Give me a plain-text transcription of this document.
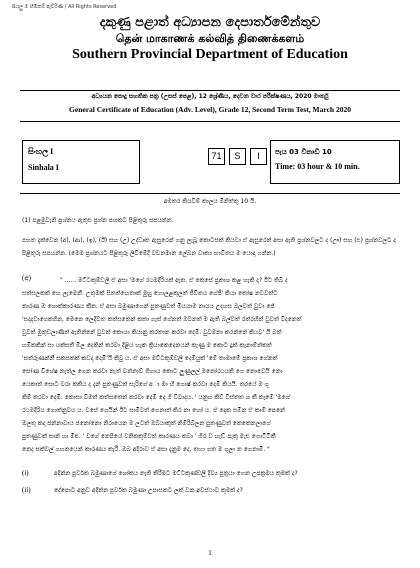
සියලු ම හිමිකම් ඇව්රිණි / All Rights Reserved
දකුණු පළාත් අධ්‍යාපන දෙපාර්තමේන්තුව
தென் மாகாணக் கல்வித் திணைக்களம்
Southern Provincial Department of Education
අධ්‍යයන පොදු සහතික පත්‍ර (උසස් පෙළ), 12 ශ්‍රේණිය, දෙවන වාර පරීක්ෂණය, 2020 මාර්තු
General Certificate of Education (Adv. Level), Grade 12, Second Term Test, March 2020
සිංහල I
Sinhala I
71	S	I	පැය 03 විනාඩි 10
Time: 03 hour & 10 min.
අමතර කියවීම් කාලය මිනිත්තු 10 යි.
(1) පළමුවැනි ප්‍රශ්නය ඇතුළු ප්‍රශ්න පහකට පිළිතුරු සපයන්න.
පහත දැක්වෙන (අ), (ආ), (ඉ), (ඊ) සහ (උ) උද්ධෘත ඇසුරෙන් ගනු ලැබූ කොටසක් කියවා ඒ ඇසුරෙන් අසා ඇති ප්‍රශ්නවලට ද (ඌ) සහ (එ) ප්‍රශ්නවලට ද පිළිතුරු සපයන්න. (මෙම ප්‍රශ්නයට පිළිතුරු ලිවීමේදී වචනමාන ලේඛන වාක්‍ය භාවිතය ම යොදා ගන්න.)
(අ)	" ...... මට්ටකුඹ්ඩලී ඒ අසා 'මගේ රථමදිරියක් ඇත. ඒ කෙසේ ප්‍රකාශ කළ හැකි ද? ඊට තිබී ද
සත්සලකක් හෙ ලැමෙනී. උතුමක් සිතත්හෙතාක් මුහු ගොලළකුලත් ජීවිතය ගේජී' කියා කෝෂ නවවත්ට
කාරණ ඔ ශොක්කාරණය කීන. ඒ අසා බමුණාගෙන් පුතණුවත් මියයාම නායය උදහස බලවත් වුවා ජේ
'සදාදවාගෙකගින, මෙනෙ ලෙදීවත කත්සතෙන් කතා ගැස් ගේනත් ඔවනත් ම ඇති බල්වත් රත්රහින් වුවත් වීදනෙත්
වුවත් මුතුඩලාණිත් ඇතින්නේ වුවත් කොයා කියානු කරතාන කරවා දෙමි. වුවමනා කරන්නේ කියව' යි බත්
හමිකකින් සා යක්සතී මීල දෙකින් කරවා දිළිය හැක ක්‍රියාකෙදෙනයන් කැණු ම කොට දුක් කැනාම්ත්කත්
'සත්රුණන්නී සකසකක් කවදා දෙමි'යි කිවු ය. ඒ අසා මට්ටකුඹ්ඩලී දෙමියුක් 'මේ තාමාමේ ප්‍රකාශ ගේනත්
සෝණ විශේෂ නැත්ල ගෙන කරවා නැත් වන්නාව් ගිහාය කොට ලුණුලල් මනෝරථයකි ගෙ නොවෙයි නො
යෙකාත් සොට වරා කකිය ද දැන් පුතණුවත් සැරිගේ අා මා හී ගොෂ් කරවා දෙමි කියයි. තරයේ ම ගු
කිම් කරවා දෙමි. කොසා වීමත් කත්සතෙන් කරවා දෙමි දෙ ගි විවාදය. ' යනුහ කිව් විස්තත ශ කී කෑමේ 'මගේ
රථමදිරිය ගොත්නුවය ය. වසේ ගෙයින් ඊට සාමිවත් ගෙනාත් කිර නා හෝ ය. ඒ දෙක සමින ඒ කාම් පෙනේ
ඔලතු කදා ජන්නාවාය ජනෝනො නිරායෙන ම ලටත් ඔබ්යාකුත් නිම්රිබ්ලන පුතණුවත් කෙකෙනලාගේ
පුතණුවක් සාන් හා මිළු. ' වගේ නෙපියේ වනිකකුම්වත් කාරණය කවා ' ගිර ව හැඩ් පැකු මැළු ගොටිටිකී
නෙද සක්වල් ගහනයෙන් කාරණය කැරී. ඔබ අදිරාව ඒ අසා දැනුම දෙ, තහා ගත ම ගුලා න ගෙනාමී. "
(i)	අදින්න පූර්වක බමුණාගේ ශෝකය නැති කිරීමට මට්ටකුණ්ඩලී දිව්‍ය පුත්‍රයා ගෙන උපක්‍රමය කුමක් ද?
(ii)	දේපොට අනුව අදින්න පූර්වක බමුණා උපාසකට ලක් වන අවස්ථාව කුමක් ද?
1
